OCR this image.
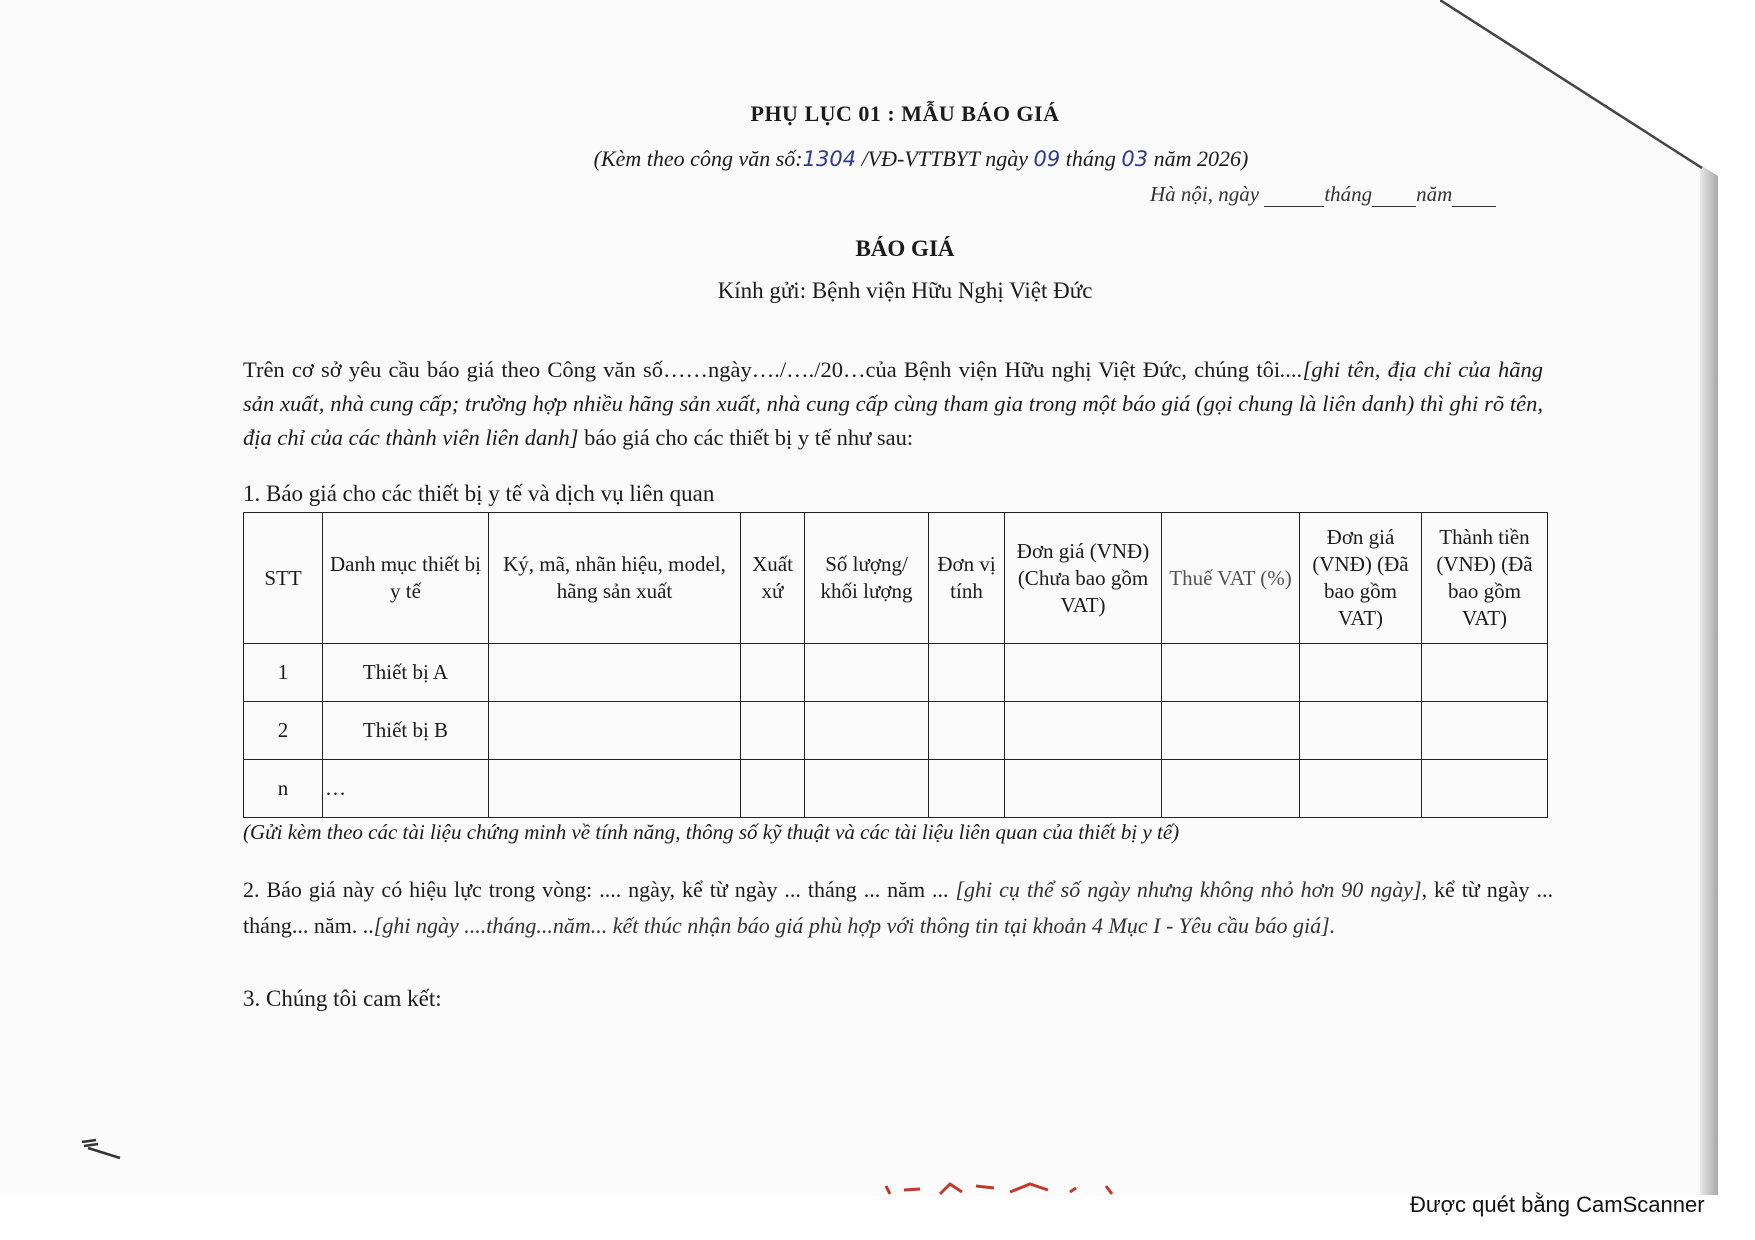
PHỤ LỤC 01 : MẪU BÁO GIÁ
(Kèm theo công văn số:1304 /VĐ-VTTBYT ngày 09 tháng 03 năm 2026)
Hà nội, ngày	tháng năm
BÁO GIÁ
Kính gửi: Bệnh viện Hữu Nghị Việt Đức
Trên cơ sở yêu cầu báo giá theo Công văn số……ngày…./…./20…của Bệnh viện Hữu nghị Việt Đức, chúng tôi....[ghi tên, địa chỉ của hãng sản xuất, nhà cung cấp; trường hợp nhiều hãng sản xuất, nhà cung cấp cùng tham gia trong một báo giá (gọi chung là liên danh) thì ghi rõ tên, địa chỉ của các thành viên liên danh] báo giá cho các thiết bị y tế như sau:
1. Báo giá cho các thiết bị y tế và dịch vụ liên quan
STT	Danh mục thiết bị y tế	Ký, mã, nhãn hiệu, model, hãng sản xuất	Xuất xứ	Số lượng/ khối lượng	Đơn vị tính	Đơn giá (VNĐ) (Chưa bao gồm VAT)	Thuế VAT (%)	Đơn giá (VNĐ) (Đã bao gồm VAT)	Thành tiền (VNĐ) (Đã bao gồm VAT)
1	Thiết bị A								
2	Thiết bị B								
n	…								
(Gửi kèm theo các tài liệu chứng minh về tính năng, thông số kỹ thuật và các tài liệu liên quan của thiết bị y tế)
2. Báo giá này có hiệu lực trong vòng: .... ngày, kể từ ngày ... tháng ... năm ... [ghi cụ thể số ngày nhưng không nhỏ hơn 90 ngày], kể từ ngày ... tháng... năm. ..[ghi ngày ....tháng...năm... kết thúc nhận báo giá phù hợp với thông tin tại khoản 4 Mục I - Yêu cầu báo giá].
3. Chúng tôi cam kết:
Được quét bằng CamScanner
